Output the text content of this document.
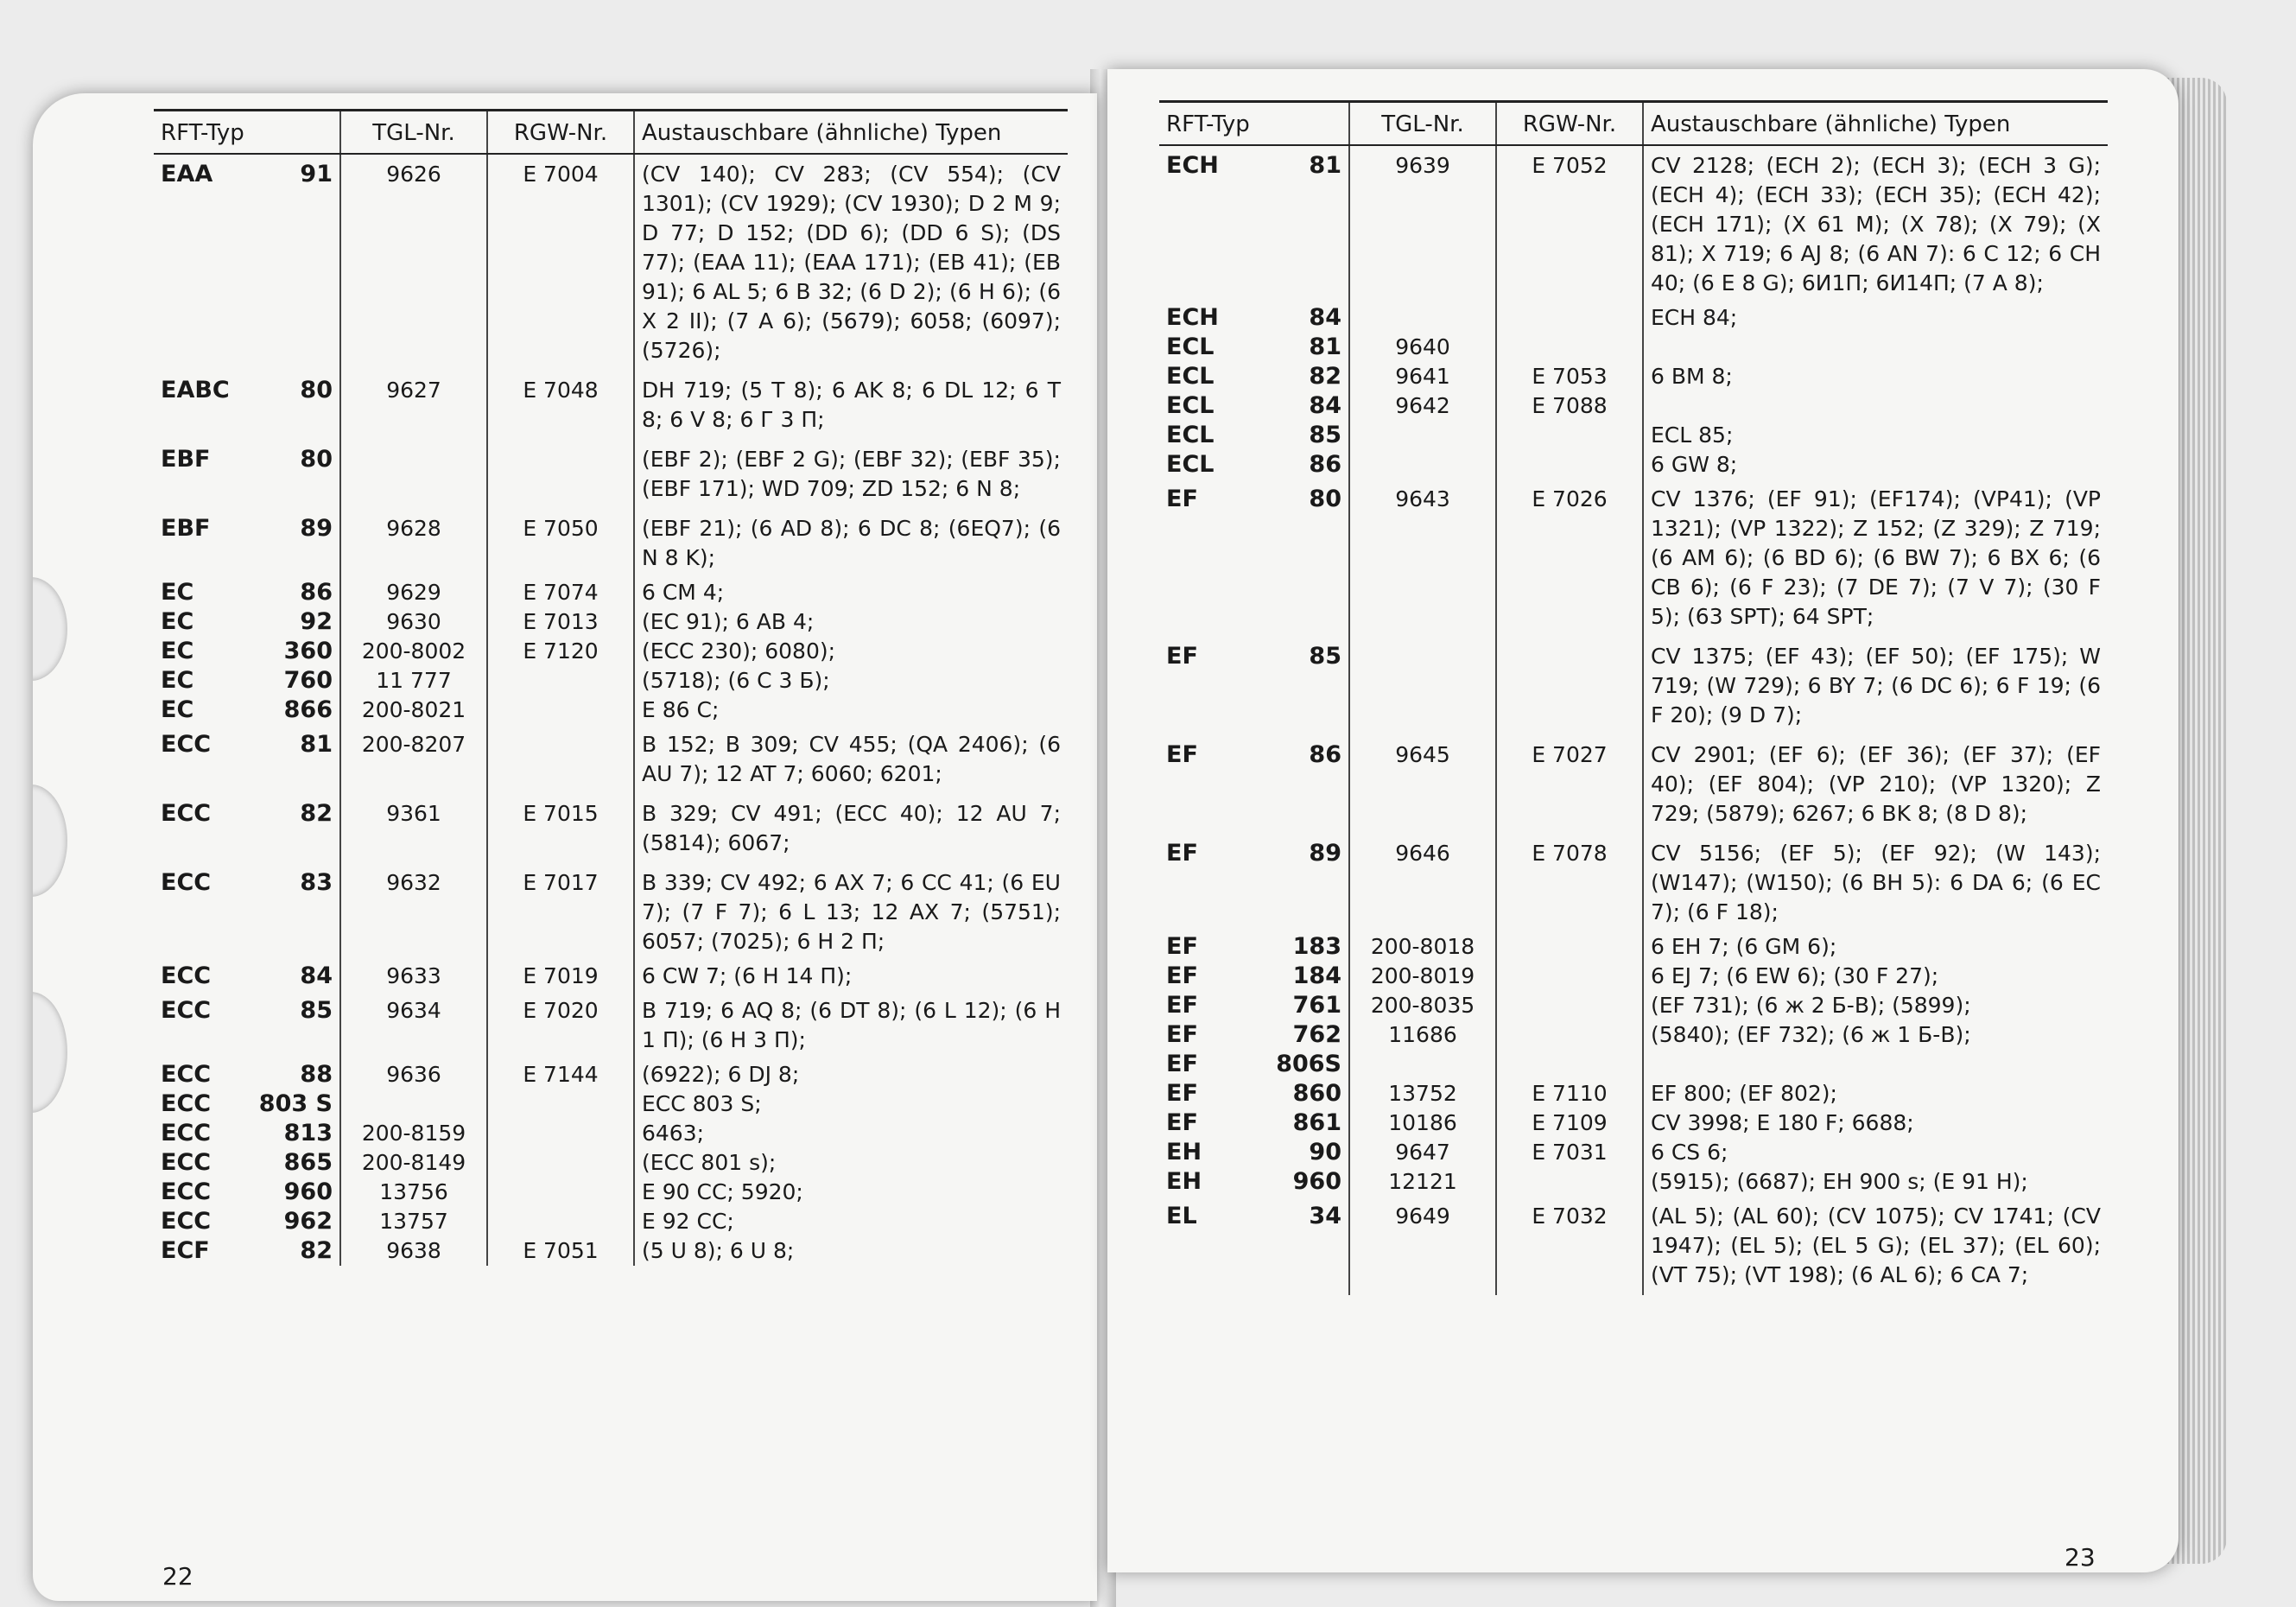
RFT-Typ	TGL-Nr.	RGW-Nr.	Austauschbare (ähnliche) Typen
EAA 91	9626	E 7004	(CV 140); CV 283; (CV 554); (CV 1301); (CV 1929); (CV 1930); D 2 M 9; D 77; D 152; (DD 6); (DD 6 S); (DS 77); (EAA 11); (EAA 171); (EB 41); (EB 91); 6 AL 5; 6 B 32; (6 D 2); (6 H 6); (6 X 2 II); (7 A 6); (5679); 6058; (6097); (5726);
EABC 80	9627	E 7048	DH 719; (5 T 8); 6 AK 8; 6 DL 12; 6 T 8; 6 V 8; 6 Г 3 П;
EBF 80			(EBF 2); (EBF 2 G); (EBF 32); (EBF 35); (EBF 171); WD 709; ZD 152; 6 N 8;
EBF 89	9628	E 7050	(EBF 21); (6 AD 8); 6 DC 8; (6EQ7); (6 N 8 K);
EC 86	9629	E 7074	6 CM 4;
EC 92	9630	E 7013	(EC 91); 6 AB 4;
EC 360	200-8002	E 7120	(ECC 230); 6080);
EC 760	11 777		(5718); (6 C 3 Б);
EC 866	200-8021		E 86 C;
ECC 81	200-8207		B 152; B 309; CV 455; (QA 2406); (6 AU 7); 12 AT 7; 6060; 6201;
ECC 82	9361	E 7015	B 329; CV 491; (ECC 40); 12 AU 7; (5814); 6067;
ECC 83	9632	E 7017	B 339; CV 492; 6 AX 7; 6 CC 41; (6 EU 7); (7 F 7); 6 L 13; 12 AX 7; (5751); 6057; (7025); 6 H 2 П;
ECC 84	9633	E 7019	6 CW 7; (6 H 14 П);
ECC 85	9634	E 7020	B 719; 6 AQ 8; (6 DT 8); (6 L 12); (6 H 1 П); (6 H 3 П);
ECC 88	9636	E 7144	(6922); 6 DJ 8;
ECC 803 S			ECC 803 S;
ECC 813	200-8159		6463;
ECC 865	200-8149		(ECC 801 s);
ECC 960	13756		E 90 CC; 5920;
ECC 962	13757		E 92 CC;
ECF 82	9638	E 7051	(5 U 8); 6 U 8;
22
RFT-Typ	TGL-Nr.	RGW-Nr.	Austauschbare (ähnliche) Typen
ECH 81	9639	E 7052	CV 2128; (ECH 2); (ECH 3); (ECH 3 G); (ECH 4); (ECH 33); (ECH 35); (ECH 42); (ECH 171); (X 61 M); (X 78); (X 79); (X 81); X 719; 6 AJ 8; (6 AN 7): 6 C 12; 6 CH 40; (6 E 8 G); 6И1П; 6И14П; (7 A 8);
ECH 84			ECH 84;
ECL 81	9640		
ECL 82	9641	E 7053	6 BM 8;
ECL 84	9642	E 7088	
ECL 85			ECL 85;
ECL 86			6 GW 8;
EF 80	9643	E 7026	CV 1376; (EF 91); (EF174); (VP41); (VP 1321); (VP 1322); Z 152; (Z 329); Z 719; (6 AM 6); (6 BD 6); (6 BW 7); 6 BX 6; (6 CB 6); (6 F 23); (7 DE 7); (7 V 7); (30 F 5); (63 SPT); 64 SPT;
EF 85			CV 1375; (EF 43); (EF 50); (EF 175); W 719; (W 729); 6 BY 7; (6 DC 6); 6 F 19; (6 F 20); (9 D 7);
EF 86	9645	E 7027	CV 2901; (EF 6); (EF 36); (EF 37); (EF 40); (EF 804); (VP 210); (VP 1320); Z 729; (5879); 6267; 6 BK 8; (8 D 8);
EF 89	9646	E 7078	CV 5156; (EF 5); (EF 92); (W 143); (W147); (W150); (6 BH 5): 6 DA 6; (6 EC 7); (6 F 18);
EF 183	200-8018		6 EH 7; (6 GM 6);
EF 184	200-8019		6 EJ 7; (6 EW 6); (30 F 27);
EF 761	200-8035		(EF 731); (6 ж 2 Б-В); (5899);
EF 762	11686		(5840); (EF 732); (6 ж 1 Б-В);
EF 806S			

EF 860	13752	E 7110	EF 800; (EF 802);
EF 861	10186	E 7109	CV 3998; E 180 F; 6688;
EH 90	9647	E 7031	6 CS 6;
EH 960	12121		(5915); (6687); EH 900 s; (E 91 H);
EL 34	9649	E 7032	(AL 5); (AL 60); (CV 1075); CV 1741; (CV 1947); (EL 5); (EL 5 G); (EL 37); (EL 60); (VT 75); (VT 198); (6 AL 6); 6 CA 7;
23
